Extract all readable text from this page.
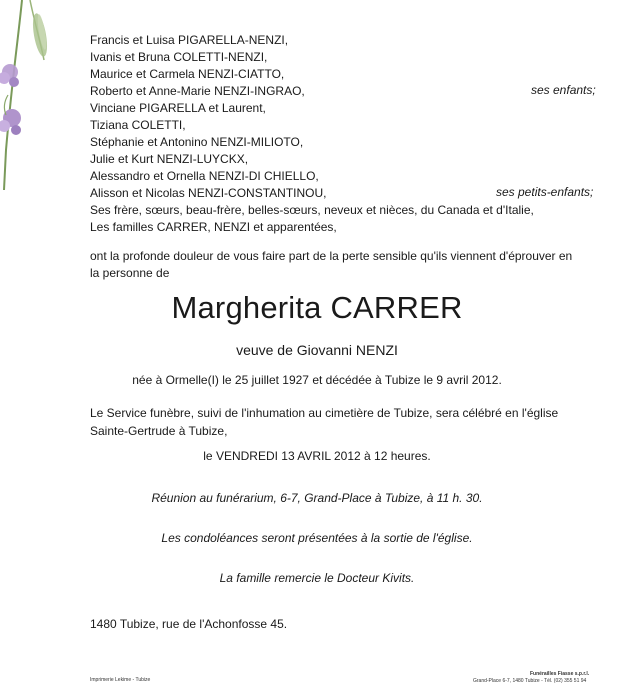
Francis et Luisa PIGARELLA-NENZI,
Ivanis et Bruna COLETTI-NENZI,
Maurice et Carmela NENZI-CIATTO,
Roberto et Anne-Marie NENZI-INGRAO,
Vinciane PIGARELLA et Laurent,
Tiziana COLETTI,
Stéphanie et Antonino NENZI-MILIOTO,
Julie et Kurt NENZI-LUYCKX,
Alessandro et Ornella NENZI-DI CHIELLO,
Alisson et Nicolas NENZI-CONSTANTINOU,
Ses frère, sœurs, beau-frère, belles-sœurs, neveux et nièces, du Canada et d'Italie,
Les familles CARRER, NENZI et apparentées,
ses enfants;
ses petits-enfants;
ont la profonde douleur de vous faire part de la perte sensible qu'ils viennent d'éprouver en
la personne de
Margherita CARRER
veuve de Giovanni NENZI
née à Ormelle(I) le 25 juillet 1927 et décédée à Tubize le 9 avril 2012.
Le Service funèbre, suivi de l'inhumation au cimetière de Tubize, sera célébré en l'église
Sainte-Gertrude à Tubize,
le VENDREDI 13 AVRIL 2012 à 12 heures.
Réunion au funérarium, 6-7, Grand-Place à Tubize, à 11 h. 30.
Les condoléances seront présentées à la sortie de l'église.
La famille remercie le Docteur Kivits.
1480 Tubize, rue de l'Achonfosse 45.
Imprimerie Lekime - Tubize
Funérailles Fiasse s.p.r.l.
Grand-Place 6-7, 1480 Tubize - Tél. (02) 355 51 94
